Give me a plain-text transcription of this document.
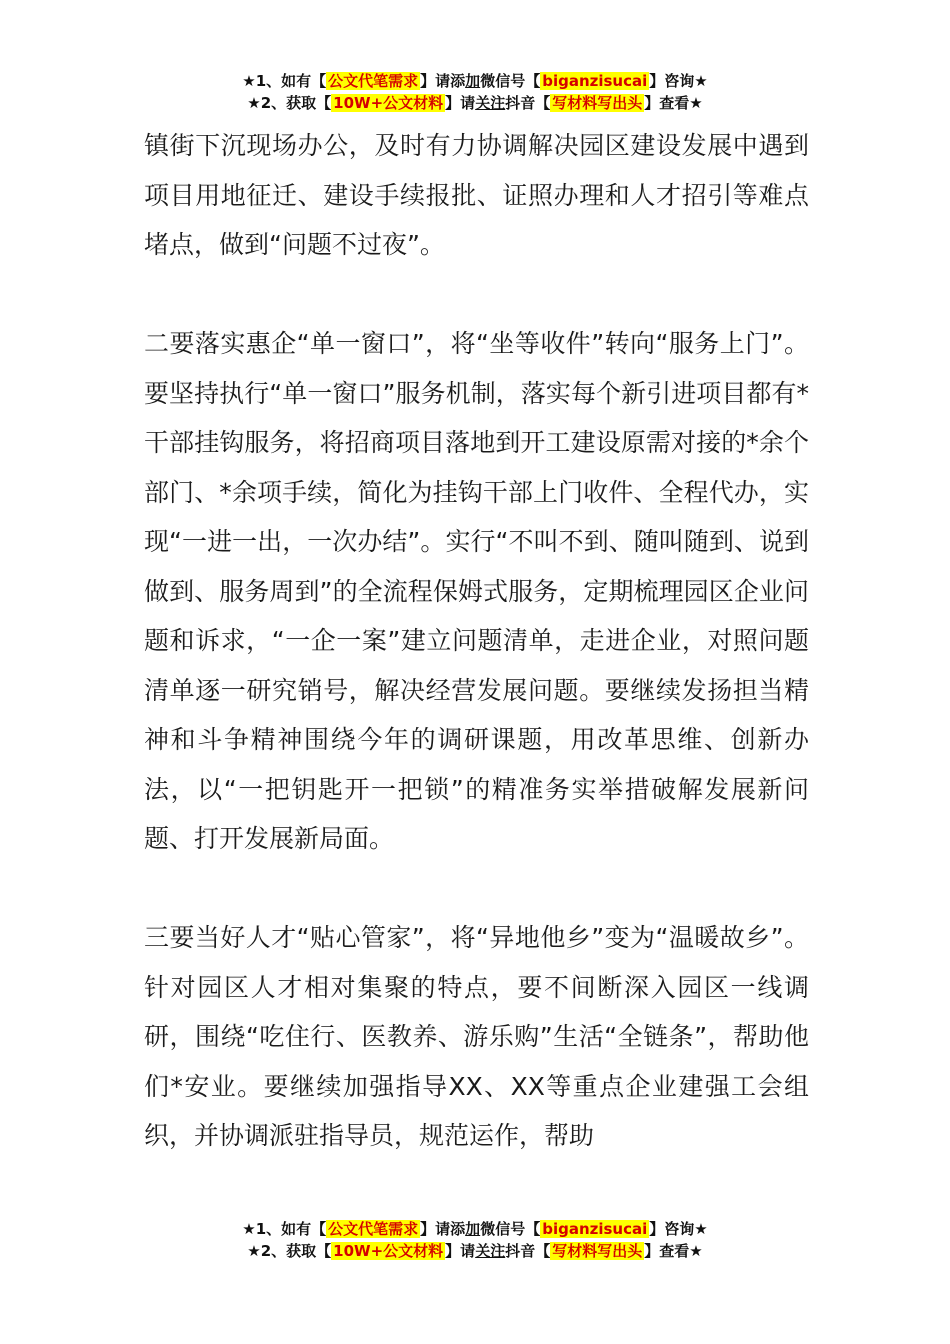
★1、如有【 公文代笔需求 】请添加微信号【 biganzisucai 】咨询★
★2、获取【 10W+公文材料 】请关注抖音【 写材料写出头 】查看★

镇街下沉现场办公，及时有力协调解决园区建设发展中遇到项目用地征迁、建设手续报批、证照办理和人才招引等难点堵点，做到“问题不过夜”。

二要落实惠企“单一窗口”，将“坐等收件”转向“服务上门”。要坚持执行“单一窗口”服务机制，落实每个新引进项目都有*干部挂钩服务，将招商项目落地到开工建设原需对接的*余个部门、*余项手续，简化为挂钩干部上门收件、全程代办，实现“一进一出，一次办结”。实行“不叫不到、随叫随到、说到做到、服务周到”的全流程保姆式服务，定期梳理园区企业问题和诉求，“一企一案”建立问题清单，走进企业，对照问题清单逐一研究销号，解决经营发展问题。要继续发扬担当精神和斗争精神围绕今年的调研课题，用改革思维、创新办法，以“一把钥匙开一把锁”的精准务实举措破解发展新问题、打开发展新局面。

三要当好人才“贴心管家”，将“异地他乡”变为“温暖故乡”。针对园区人才相对集聚的特点，要不间断深入园区一线调研，围绕“吃住行、医教养、游乐购”生活“全链条”，帮助他们*安业。要继续加强指导XX、XX等重点企业建强工会组织，并协调派驻指导员，规范运作，帮助

★1、如有【 公文代笔需求 】请添加微信号【 biganzisucai 】咨询★
★2、获取【 10W+公文材料 】请关注抖音【 写材料写出头 】查看★
